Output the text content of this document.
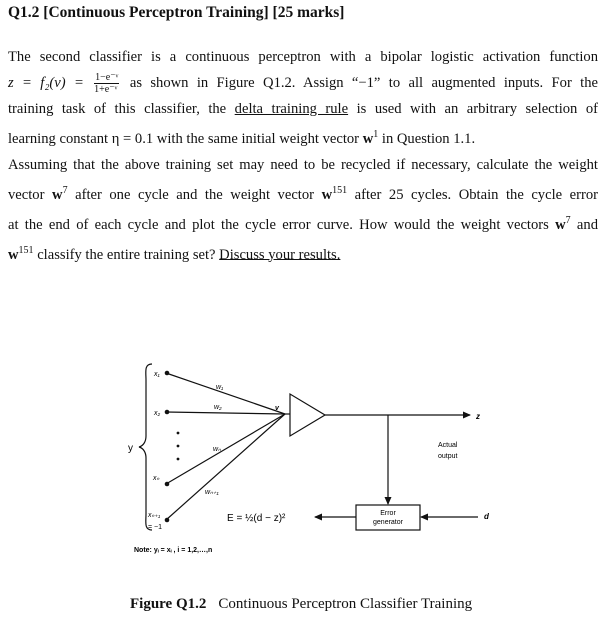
Q1.2 [Continuous Perceptron Training] [25 marks]
The second classifier is a continuous perceptron with a bipolar logistic activation function
$z = f_2(v) = \frac{\text{1−e⁻ᵛ}}{\text{1+e⁻ᵛ}}$ as shown in Figure Q1.2. Assign “−1” to all augmented inputs. For the
training task of this classifier, the delta training rule is used with an arbitrary selection of
learning constant η = 0.1 with the same initial weight vector $w^1$ in Question 1.1.
Assuming that the above training set may need to be recycled if necessary, calculate the weight
vector $w^7$ after one cycle and the weight vector $w^{151}$ after 25 cycles. Obtain the cycle error
at the end of each cycle and plot the cycle error curve. How would the weight vectors $w^7$ and
$w^{151}$ classify the entire training set? Discuss your results.
y
x₁
x₂
xₙ
xₙ₊₁
= −1
w₁
w₂
wₙ
wₙ₊₁
v
z
Actual
output
Error
generator
d
E = ½(d − z)²
Note: yᵢ = xᵢ , i = 1,2,…,n
Figure Q1.2 Continuous Perceptron Classifier Training
